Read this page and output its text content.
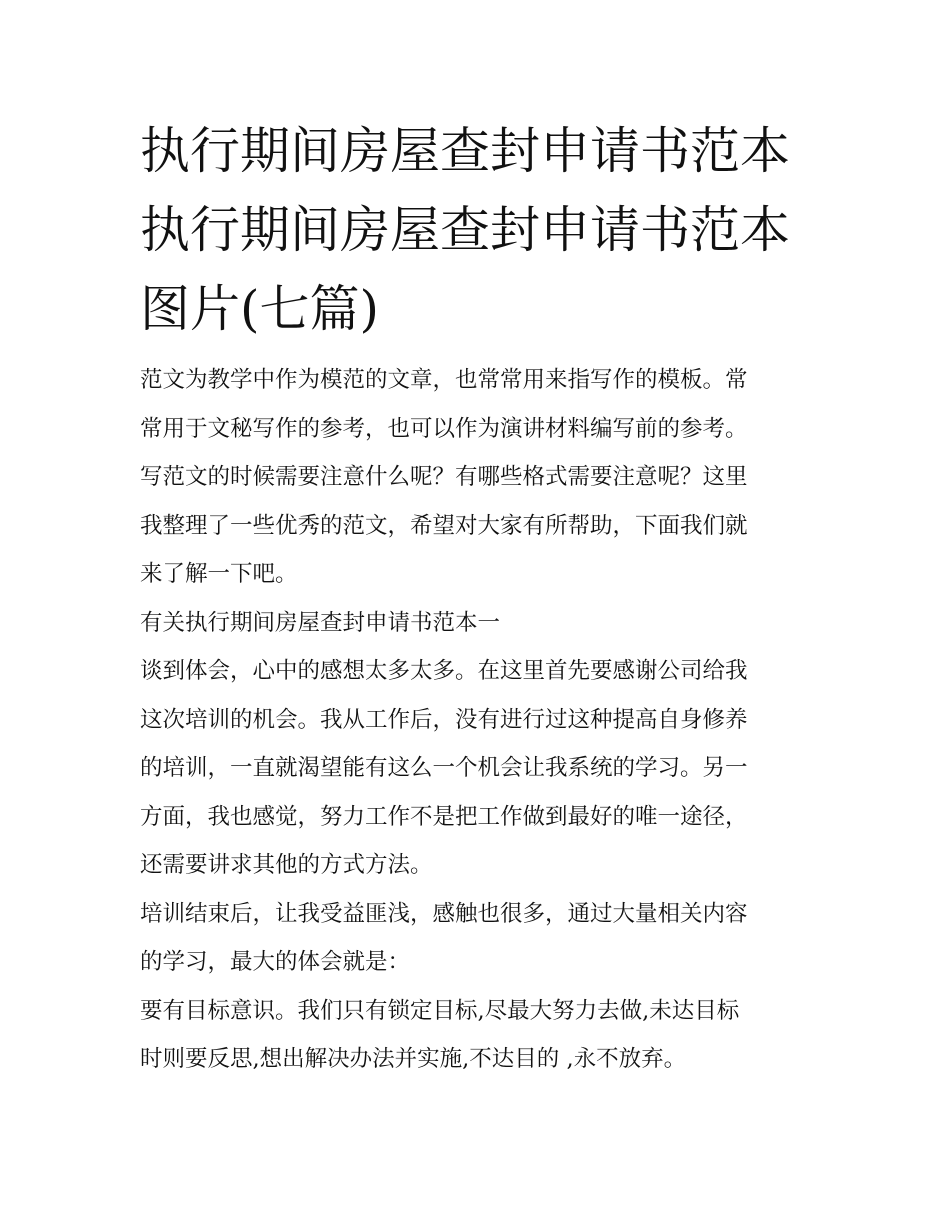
执行期间房屋查封申请书范本
执行期间房屋查封申请书范本
图片(七篇)

范文为教学中作为模范的文章，也常常用来指写作的模板。常
常用于文秘写作的参考，也可以作为演讲材料编写前的参考。
写范文的时候需要注意什么呢？有哪些格式需要注意呢？这里
我整理了一些优秀的范文，希望对大家有所帮助，下面我们就
来了解一下吧。

有关执行期间房屋查封申请书范本一

谈到体会，心中的感想太多太多。在这里首先要感谢公司给我
这次培训的机会。我从工作后，没有进行过这种提高自身修养
的培训，一直就渴望能有这么一个机会让我系统的学习。另一
方面，我也感觉，努力工作不是把工作做到最好的唯一途径，
还需要讲求其他的方式方法。

培训结束后，让我受益匪浅，感触也很多，通过大量相关内容
的学习，最大的体会就是：

要有目标意识。我们只有锁定目标,尽最大努力去做,未达目标
时则要反思,想出解决办法并实施,不达目的 ,永不放弃。
